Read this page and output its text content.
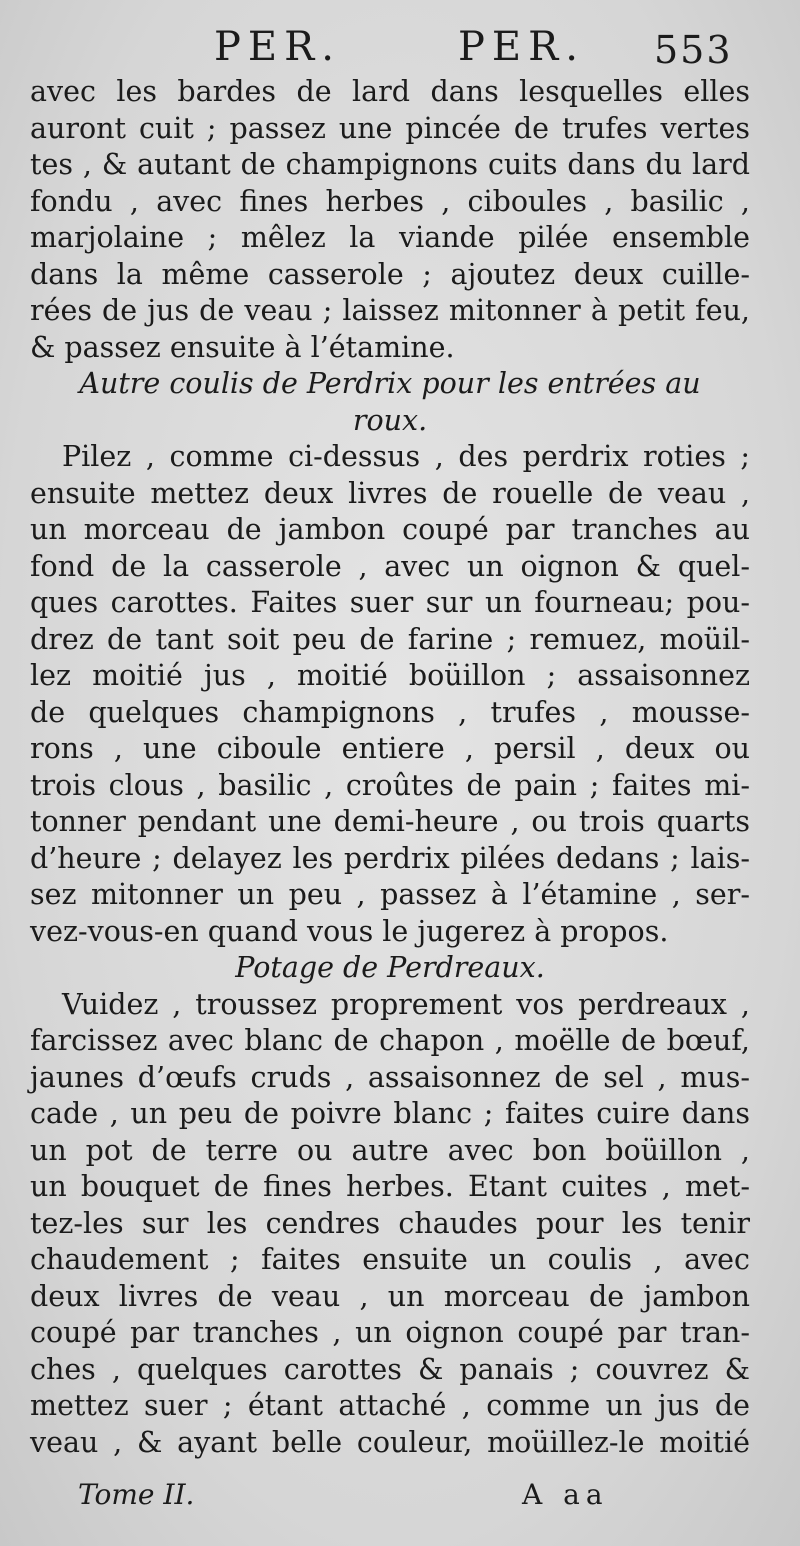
PER.	PER. 553
avec les bardes de lard dans lesquelles elles
auront cuit ; passez une pincée de trufes vertes
tes , & autant de champignons cuits dans du lard
fondu , avec fines herbes , ciboules , basilic ,
marjolaine ; mêlez la viande pilée ensemble
dans la même casserole ; ajoutez deux cuille-
rées de jus de veau ; laissez mitonner à petit feu,
& passez ensuite à l’étamine.
Autre coulis de Perdrix pour les entrées au
roux.
Pilez , comme ci-dessus , des perdrix roties ;
ensuite mettez deux livres de rouelle de veau ,
un morceau de jambon coupé par tranches au
fond de la casserole , avec un oignon & quel-
ques carottes. Faites suer sur un fourneau; pou-
drez de tant soit peu de farine ; remuez, moüil-
lez moitié jus , moitié boüillon ; assaisonnez
de quelques champignons , trufes , mousse-
rons , une ciboule entiere , persil , deux ou
trois clous , basilic , croûtes de pain ; faites mi-
tonner pendant une demi-heure , ou trois quarts
d’heure ; delayez les perdrix pilées dedans ; lais-
sez mitonner un peu , passez à l’étamine , ser-
vez-vous-en quand vous le jugerez à propos.
Potage de Perdreaux.
Vuidez , troussez proprement vos perdreaux ,
farcissez avec blanc de chapon , moëlle de bœuf,
jaunes d’œufs cruds , assaisonnez de sel , mus-
cade , un peu de poivre blanc ; faites cuire dans
un pot de terre ou autre avec bon boüillon ,
un bouquet de fines herbes. Etant cuites , met-
tez-les sur les cendres chaudes pour les tenir
chaudement ; faites ensuite un coulis , avec
deux livres de veau , un morceau de jambon
coupé par tranches , un oignon coupé par tran-
ches , quelques carottes & panais ; couvrez &
mettez suer ; étant attaché , comme un jus de
veau , & ayant belle couleur, moüillez-le moitié
Tome II.	A aa
